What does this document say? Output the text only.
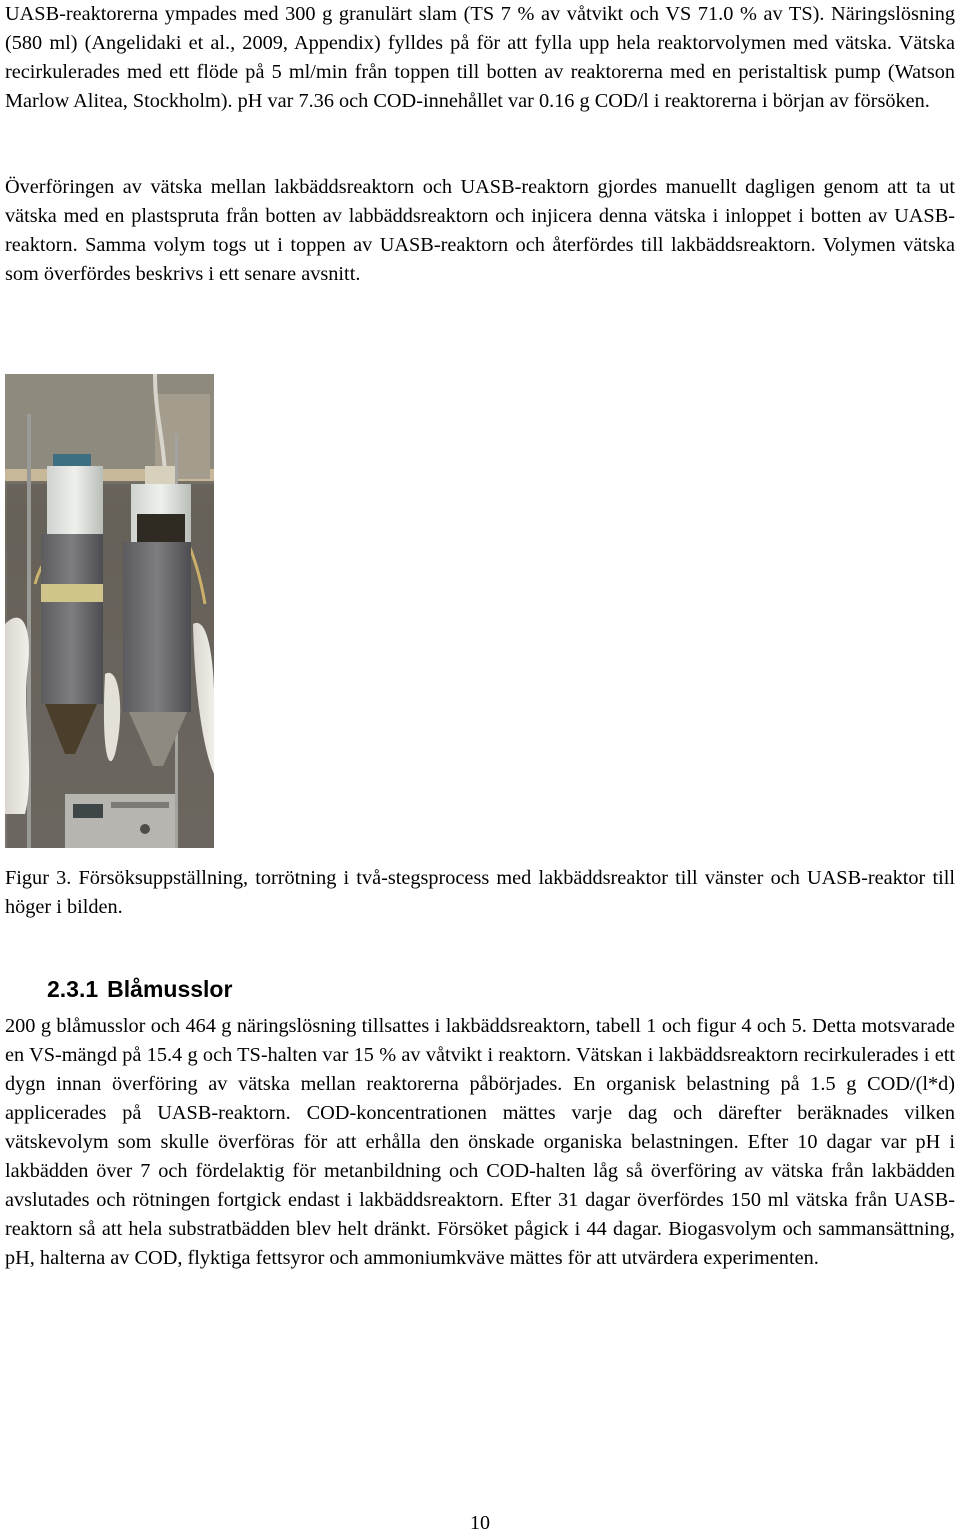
UASB-reaktorerna ympades med 300 g granulärt slam (TS 7 % av våtvikt och VS 71.0 % av TS). Näringslösning (580 ml) (Angelidaki et al., 2009, Appendix) fylldes på för att fylla upp hela reaktorvolymen med vätska. Vätska recirkulerades med ett flöde på 5 ml/min från toppen till botten av reaktorerna med en peristaltisk pump (Watson Marlow Alitea, Stockholm). pH var 7.36 och COD-innehållet var 0.16 g COD/l i reaktorerna i början av försöken.

Överföringen av vätska mellan lakbäddsreaktorn och UASB-reaktorn gjordes manuellt dagligen genom att ta ut vätska med en plastspruta från botten av labbäddsreaktorn och injicera denna vätska i inloppet i botten av UASB-reaktorn. Samma volym togs ut i toppen av UASB-reaktorn och återfördes till lakbäddsreaktorn. Volymen vätska som överfördes beskrivs i ett senare avsnitt.

Figur 3. Försöksuppställning, torrötning i två-stegsprocess med lakbäddsreaktor till vänster och UASB-reaktor till höger i bilden.

2.3.1 Blåmusslor

200 g blåmusslor och 464 g näringslösning tillsattes i lakbäddsreaktorn, tabell 1 och figur 4 och 5. Detta motsvarade en VS-mängd på 15.4 g och TS-halten var 15 % av våtvikt i reaktorn. Vätskan i lakbäddsreaktorn recirkulerades i ett dygn innan överföring av vätska mellan reaktorerna påbörjades. En organisk belastning på 1.5 g COD/(l*d) applicerades på UASB-reaktorn. COD-koncentrationen mättes varje dag och därefter beräknades vilken vätskevolym som skulle överföras för att erhålla den önskade organiska belastningen. Efter 10 dagar var pH i lakbädden över 7 och fördelaktig för metanbildning och COD-halten låg så överföring av vätska från lakbädden avslutades och rötningen fortgick endast i lakbäddsreaktorn. Efter 31 dagar överfördes 150 ml vätska från UASB-reaktorn så att hela substratbädden blev helt dränkt. Försöket pågick i 44 dagar. Biogasvolym och sammansättning, pH, halterna av COD, flyktiga fettsyror och ammoniumkväve mättes för att utvärdera experimenten.

10
